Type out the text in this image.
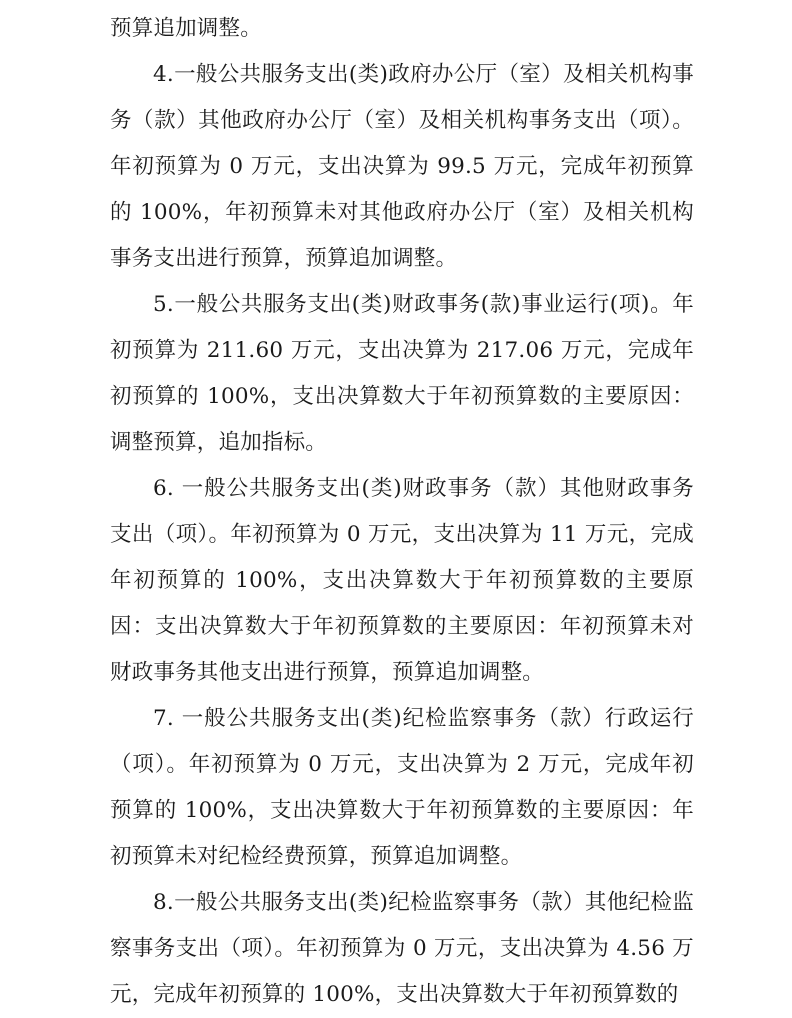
预算追加调整。

4.一般公共服务支出(类)政府办公厅（室）及相关机构事务（款）其他政府办公厅（室）及相关机构事务支出（项）。年初预算为 0 万元，支出决算为 99.5 万元，完成年初预算的 100%，年初预算未对其他政府办公厅（室）及相关机构事务支出进行预算，预算追加调整。

5.一般公共服务支出(类)财政事务(款)事业运行(项)。年初预算为 211.60 万元，支出决算为 217.06 万元，完成年初预算的 100%，支出决算数大于年初预算数的主要原因：调整预算，追加指标。

6. 一般公共服务支出(类)财政事务（款）其他财政事务支出（项）。年初预算为 0 万元，支出决算为 11 万元，完成年初预算的 100%，支出决算数大于年初预算数的主要原因：支出决算数大于年初预算数的主要原因：年初预算未对财政事务其他支出进行预算，预算追加调整。

7. 一般公共服务支出(类)纪检监察事务（款）行政运行（项）。年初预算为 0 万元，支出决算为 2 万元，完成年初预算的 100%，支出决算数大于年初预算数的主要原因：年初预算未对纪检经费预算，预算追加调整。

8.一般公共服务支出(类)纪检监察事务（款）其他纪检监察事务支出（项）。年初预算为 0 万元，支出决算为 4.56 万元，完成年初预算的 100%，支出决算数大于年初预算数的
